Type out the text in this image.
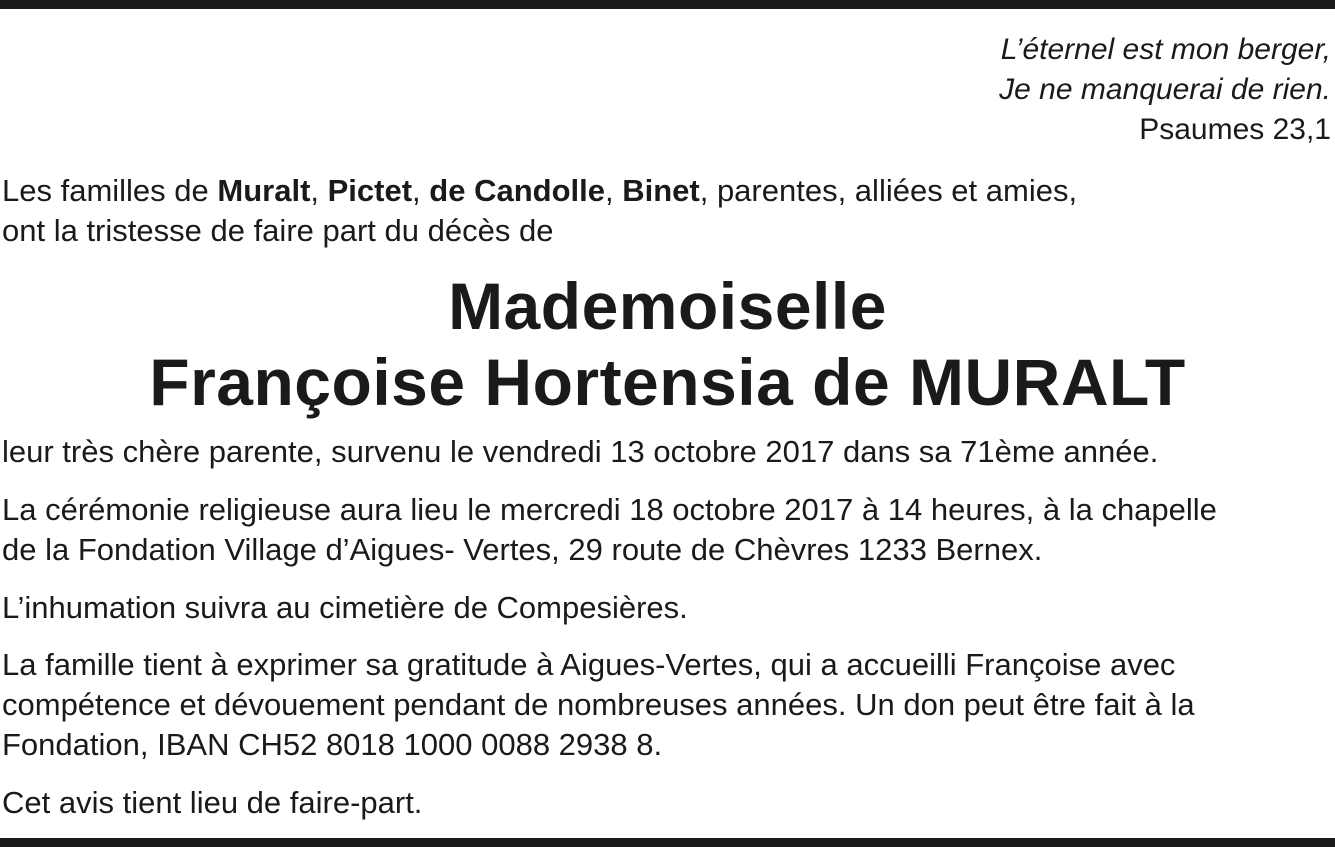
L’éternel est mon berger,
Je ne manquerai de rien.
Psaumes 23,1
Les familles de Muralt, Pictet, de Candolle, Binet, parentes, alliées et amies,
ont la tristesse de faire part du décès de
Mademoiselle
Françoise Hortensia de MURALT
leur très chère parente, survenu le vendredi 13 octobre 2017 dans sa 71ème année.
La cérémonie religieuse aura lieu le mercredi 18 octobre 2017 à 14 heures, à la chapelle
de la Fondation Village d’Aigues- Vertes, 29 route de Chèvres 1233 Bernex.
L’inhumation suivra au cimetière de Compesières.
La famille tient à exprimer sa gratitude à Aigues-Vertes, qui a accueilli Françoise avec
compétence et dévouement pendant de nombreuses années. Un don peut être fait à la
Fondation, IBAN CH52 8018 1000 0088 2938 8.
Cet avis tient lieu de faire-part.
